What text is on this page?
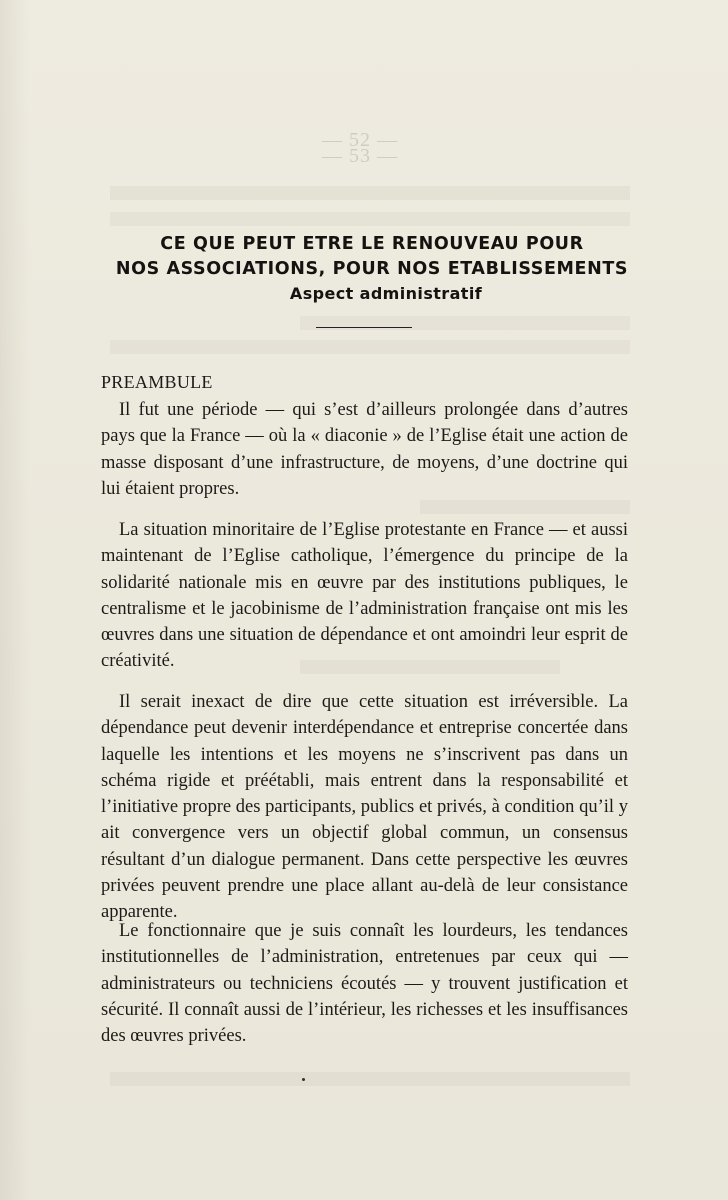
— 52 —
— 53 —
CE QUE PEUT ETRE LE RENOUVEAU POUR
NOS ASSOCIATIONS, POUR NOS ETABLISSEMENTS
Aspect administratif
PREAMBULE

Il fut une période — qui s’est d’ailleurs prolongée dans d’autres pays que la France — où la « diaconie » de l’Eglise était une action de masse disposant d’une infrastructure, de moyens, d’une doctrine qui lui étaient propres.

La situation minoritaire de l’Eglise protestante en France — et aussi maintenant de l’Eglise catholique, l’émergence du principe de la solidarité nationale mis en œuvre par des institutions publiques, le centralisme et le jacobinisme de l’administration française ont mis les œuvres dans une situation de dépendance et ont amoindri leur esprit de créativité.

Il serait inexact de dire que cette situation est irréversible. La dépendance peut devenir interdépendance et entreprise concertée dans laquelle les intentions et les moyens ne s’inscrivent pas dans un schéma rigide et préétabli, mais entrent dans la responsabilité et l’initiative propre des participants, publics et privés, à condition qu’il y ait convergence vers un objectif global commun, un consensus résultant d’un dialogue permanent. Dans cette perspective les œuvres privées peuvent prendre une place allant au-delà de leur consistance apparente.

Le fonctionnaire que je suis connaît les lourdeurs, les tendances institutionnelles de l’administration, entretenues par ceux qui — administrateurs ou techniciens écoutés — y trouvent justification et sécurité. Il connaît aussi de l’intérieur, les richesses et les insuffisances des œuvres privées.
